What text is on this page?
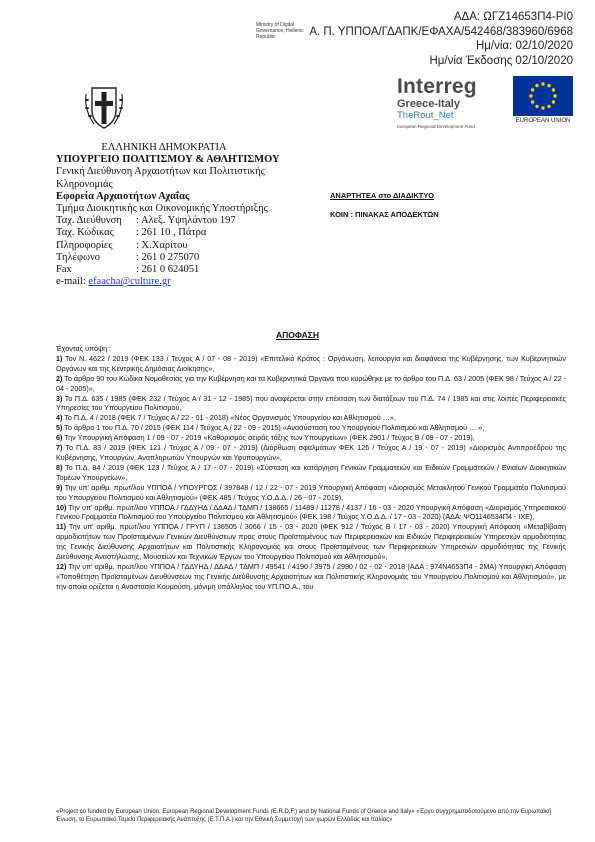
ΑΔΑ: ΩΓΖ14653Π4-ΡΙ0
Α. Π. ΥΠΠΟΑ/ΓΔΑΠΚ/ΕΦΑΧΑ/542468/383960/6968
Ημ/νία: 02/10/2020
Ημ/νία Έκδοσης 02/10/2020
Ministry of Digital
Governance, Hellenic
Republic
Interreg
Greece-Italy
TheRout_Net
European Regional Development Fund
EUROPEAN UNION
ΕΛΛΗΝΙΚΗ ΔΗΜΟΚΡΑΤΙΑ
ΥΠΟΥΡΓΕΙΟ ΠΟΛΙΤΙΣΜΟΥ & ΑΘΛΗΤΙΣΜΟΥ
Γενική Διεύθυνση Αρχαιοτήτων και Πολιτιστικής
Κληρονομιάς
Εφορεία Αρχαιοτήτων Αχαΐας
Τμήμα Διοικητικής και Οικονομικής Υποστήριξης
Ταχ. Διεύθυνση	: Αλεξ. Υψηλάντου 197
Ταχ. Κώδικας	: 261 10 , Πάτρα
Πληροφορίες	: Χ.Χαρίτου
Τηλέφωνο	: 261 0 275070
Fax	: 261 0 624051
e-mail: efaacha@culture.gr
ΑΝΑΡΤΗΤΕΑ στο ΔΙΑΔΙΚΤΥΟ
ΚΟΙΝ : ΠΙΝΑΚΑΣ ΑΠΟΔΕΚΤΩΝ
ΑΠΟΦΑΣΗ

Έχοντας υπόψη :

1) Τον Ν. 4622 / 2019 (ΦΕΚ 133 / Τεύχος Α / 07 - 08 - 2019) «Επιτελικό Κράτος : Οργάνωση, λειτουργία και διαφάνεια της Κυβέρνησης, των Κυβερνητικών Οργάνων και της Κεντρικής Δημόσιας Διοίκησης»,

2) Το άρθρο 90 του Κώδικα Νομοθεσίας για την Κυβέρνηση και τα Κυβερνητικά Όργανα που κυρώθηκε με το άρθρο του Π.Δ. 63 / 2005 (ΦΕΚ 98 / Τεύχος Α / 22 - 04 - 2005)»,

3) Το Π.Δ. 635 / 1985 (ΦΕΚ 232 / Τεύχος Α / 31 - 12 - 1985) που αναφέρεται στην επέκταση των διατάξεων του Π.Δ. 74 / 1985 και στις λοιπές Περιφερειακές Υπηρεσίες του Υπουργείου Πολιτισμού,

4) Το Π.Δ. 4 / 2018 (ΦΕΚ 7 / Τεύχος Α / 22 - 01 - 2018) «Νέος Οργανισμός Υπουργείου και Αθλητισμού …»,

5) Το άρθρο 1 του Π.Δ. 70 / 2015 (ΦΕΚ 114 / Τεύχος Α / 22 - 09 - 2015) «Ανασύσταση του Υπουργείου Πολιτισμού και Αθλητισμού … »,

6) Την Υπουργική Απόφαση 1 / 09 - 07 - 2019 «Καθορισμός σειράς τάξης των Υπουργείων» (ΦΕΚ 2901 / Τεύχος Β / 09 - 07 - 2019),

7) Το Π.Δ. 83 / 2019 (ΦΕΚ 121 / Τεύχος Α / 09 - 07 - 2019) (Διόρθωση σφαλμάτων ΦΕΚ 126 / Τεύχος Α / 19 - 07 - 2019) «Διορισμός Αντιπροέδρου της Κυβέρνησης, Υπουργών, Αναπληρωτών Υπουργών και Υφυπουργών»,

8) Το Π.Δ. 84 / 2019 (ΦΕΚ 123 / Τεύχος Α / 17 - 07 - 2019) «Σύσταση και κατάργηση Γενικών Γραμματειών και Ειδικών Γραμματειών / Ενιαίων Διοικητικών Τομέων Υπουργείων»,

9) Την υπ' αριθμ. πρωτ/λου ΥΠΠΟΑ / ΥΠΟΥΡΓΟΣ / 397848 / 12 / 22 - 07 - 2019 Υπουργική Απόφαση «Διορισμός Μετακλητού Γενικού Γραμματέα Πολιτισμού του Υπουργείου Πολιτισμού και Αθλητισμού» (ΦΕΚ 485 / Τεύχος Υ.Ο.Δ.Δ. / 26 - 07 - 2019),

10) Την υπ' αριθμ. πρωτ/λου ΥΠΠΟΑ / ΓΔΔΥΗΔ / ΔΔΑΔ / ΤΔΜΠ / 138665 / 11489 / 11278 / 4137 / 16 - 03 - 2020 Υπουργική Απόφαση «Διορισμός Υπηρεσιακού Γενικού Γραμματέα Πολιτισμού του Υπουργείου Πολιτισμού και Αθλητισμού» (ΦΕΚ 198 / Τεύχος Υ.Ο.Δ.Δ. / 17 - 03 - 2020) (ΑΔΑ: ΨΟ1146534Π4 - ΙΧΕ),

11) Την υπ' αριθμ. πρωτ/λου ΥΠΠΟΑ / ΓΡΥΠ / 136505 / 3066 / 15 - 03 - 2020 (ΦΕΚ 912 / Τεύχος Β / 17 - 03 - 2020) Υπουργική Απόφαση «Μεταβίβαση αρμοδιοτήτων των Προϊσταμένων Γενικών Διευθύνσεων προς στους Προϊσταμένους των Περιφερειακών και Ειδικών Περιφερειακών Υπηρεσιών αρμοδιότητας της Γενικής Διεύθυνσης Αρχαιοτήτων και Πολιτιστικής Κληρονομιάς και στους Προϊσταμένους των Περιφερειακών Υπηρεσιών αρμοδιότητας της Γενικής Διεύθυνσης Αναστήλωσης, Μουσείων και Τεχνικών Έργων του Υπουργείου Πολιτισμού και Αθλητισμού»,

12) Την υπ' αριθμ. πρωτ/λου ΥΠΠΟΑ / ΓΔΔΥΗΔ / ΔΔΑΔ / ΤΔΜΠ / 49541 / 4190 / 3975 / 2990 / 02 - 02 - 2018 (ΑΔΑ : 974Ν4653Π4 - 2ΜΑ) Υπουργική Απόφαση «Τοποθέτηση Προϊσταμένων Διευθύνσεων της Γενικής Διεύθυνσης Αρχαιοτήτων και Πολιτιστικής Κληρονομιάς του Υπουργείου Πολιτισμού και Αθλητισμού», με την οποία ορίζεται η Αναστασία Κουμούση, μόνιμη υπάλληλος του ΥΠ.ΠΟ.Α., του

«Project co funded by European Union, European Regional Development Funds (E.R.D.F.) and by National Funds of Greece and Italy» «Έργο συγχρηματοδοτούμενο από την Ευρωπαϊκή Ένωση, το Ευρωπαϊκό Ταμείο Περιφερειακής Ανάπτυξης (Ε.Τ.Π.Α.) και την Εθνική Συμμετοχή των χωρών Ελλάδας και Ιταλίας»
